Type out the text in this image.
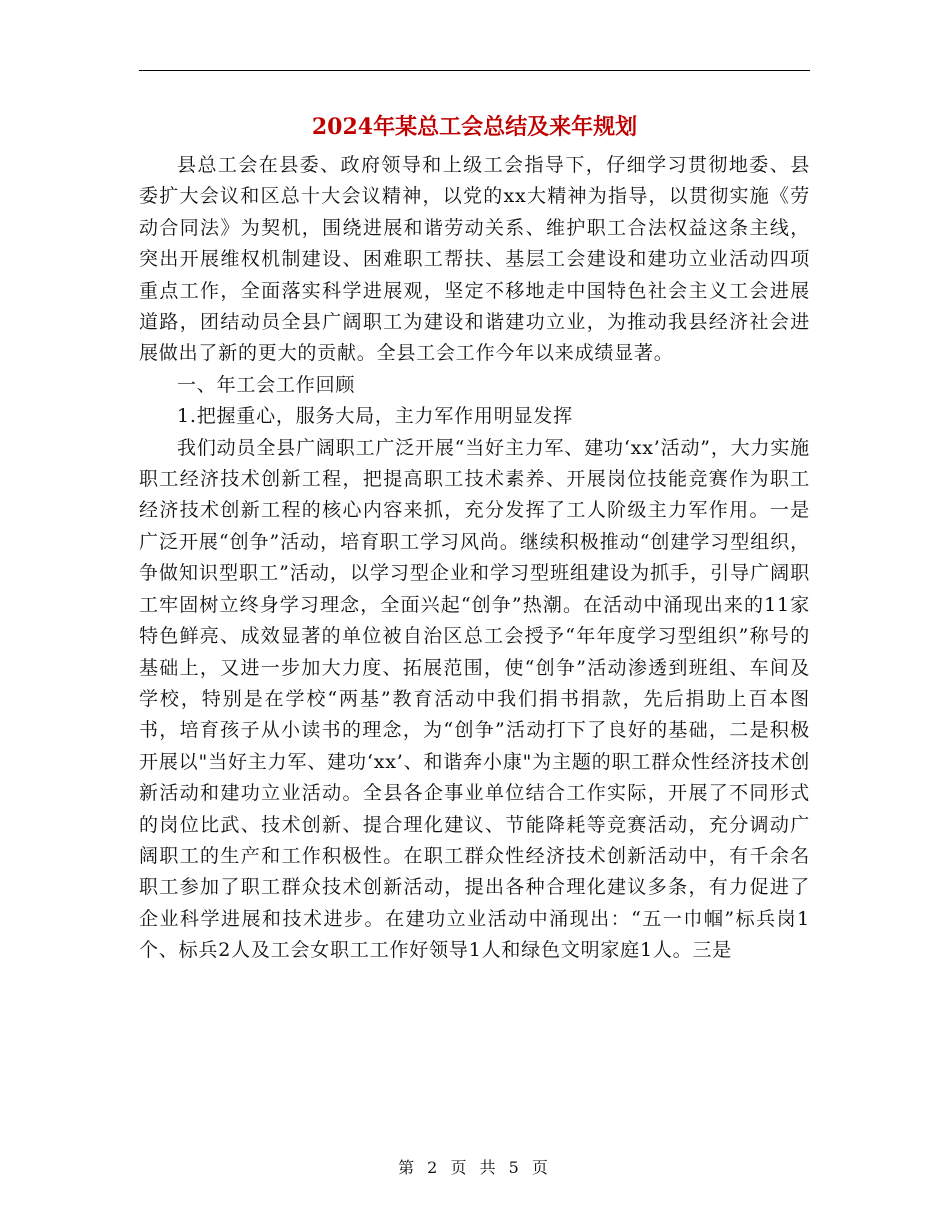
2024年某总工会总结及来年规划

县总工会在县委、政府领导和上级工会指导下，仔细学习贯彻地委、县委扩大会议和区总十大会议精神，以党的xx大精神为指导，以贯彻实施《劳动合同法》为契机，围绕进展和谐劳动关系、维护职工合法权益这条主线，突出开展维权机制建设、困难职工帮扶、基层工会建设和建功立业活动四项重点工作，全面落实科学进展观，坚定不移地走中国特色社会主义工会进展道路，团结动员全县广阔职工为建设和谐建功立业，为推动我县经济社会进展做出了新的更大的贡献。全县工会工作今年以来成绩显著。

一、年工会工作回顾

1.把握重心，服务大局，主力军作用明显发挥

我们动员全县广阔职工广泛开展“当好主力军、建功‘xx’活动”，大力实施职工经济技术创新工程，把提高职工技术素养、开展岗位技能竞赛作为职工经济技术创新工程的核心内容来抓，充分发挥了工人阶级主力军作用。一是广泛开展“创争”活动，培育职工学习风尚。继续积极推动“创建学习型组织，争做知识型职工”活动，以学习型企业和学习型班组建设为抓手，引导广阔职工牢固树立终身学习理念，全面兴起“创争”热潮。在活动中涌现出来的11家特色鲜亮、成效显著的单位被自治区总工会授予“年年度学习型组织”称号的基础上，又进一步加大力度、拓展范围，使“创争”活动渗透到班组、车间及学校，特别是在学校“两基”教育活动中我们捐书捐款，先后捐助上百本图书，培育孩子从小读书的理念，为“创争”活动打下了良好的基础，二是积极开展以"当好主力军、建功‘xx’、和谐奔小康"为主题的职工群众性经济技术创新活动和建功立业活动。全县各企事业单位结合工作实际，开展了不同形式的岗位比武、技术创新、提合理化建议、节能降耗等竞赛活动，充分调动广阔职工的生产和工作积极性。在职工群众性经济技术创新活动中，有千余名职工参加了职工群众技术创新活动，提出各种合理化建议多条，有力促进了企业科学进展和技术进步。在建功立业活动中涌现出：“五一巾帼”标兵岗1个、标兵2人及工会女职工工作好领导1人和绿色文明家庭1人。三是

第 2 页 共 5 页
